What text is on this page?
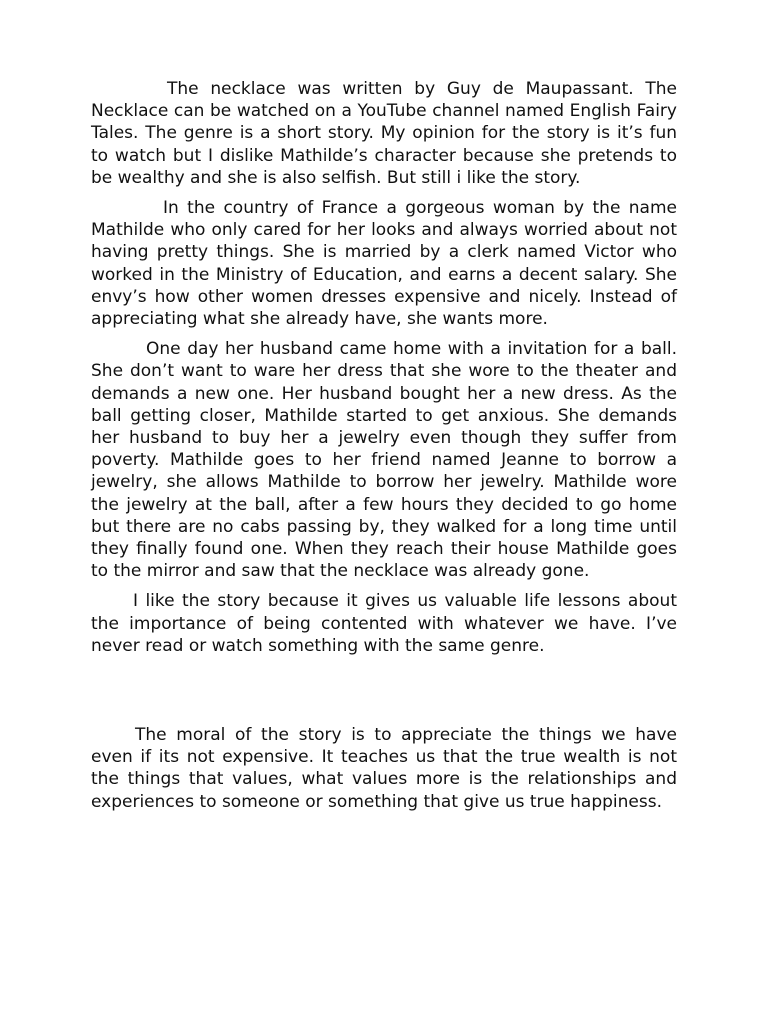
The necklace was written by Guy de Maupassant. The Necklace can be watched on a YouTube channel named English Fairy Tales. The genre is a short story. My opinion for the story is it’s fun to watch but I dislike Mathilde’s character because she pretends to be wealthy and she is also selfish. But still i like the story.

In the country of France a gorgeous woman by the name Mathilde who only cared for her looks and always worried about not having pretty things. She is married by a clerk named Victor who worked in the Ministry of Education, and earns a decent salary. She envy’s how other women dresses expensive and nicely. Instead of appreciating what she already have, she wants more.

One day her husband came home with a invitation for a ball. She don’t want to ware her dress that she wore to the theater and demands a new one. Her husband bought her a new dress. As the ball getting closer, Mathilde started to get anxious. She demands her husband to buy her a jewelry even though they suffer from poverty. Mathilde goes to her friend named Jeanne to borrow a jewelry, she allows Mathilde to borrow her jewelry. Mathilde wore the jewelry at the ball, after a few hours they decided to go home but there are no cabs passing by, they walked for a long time until they finally found one. When they reach their house Mathilde goes to the mirror and saw that the necklace was already gone.

I like the story because it gives us valuable life lessons about the importance of being contented with whatever we have. I’ve never read or watch something with the same genre.

The moral of the story is to appreciate the things we have even if its not expensive. It teaches us that the true wealth is not the things that values, what values more is the relationships and experiences to someone or something that give us true happiness.
